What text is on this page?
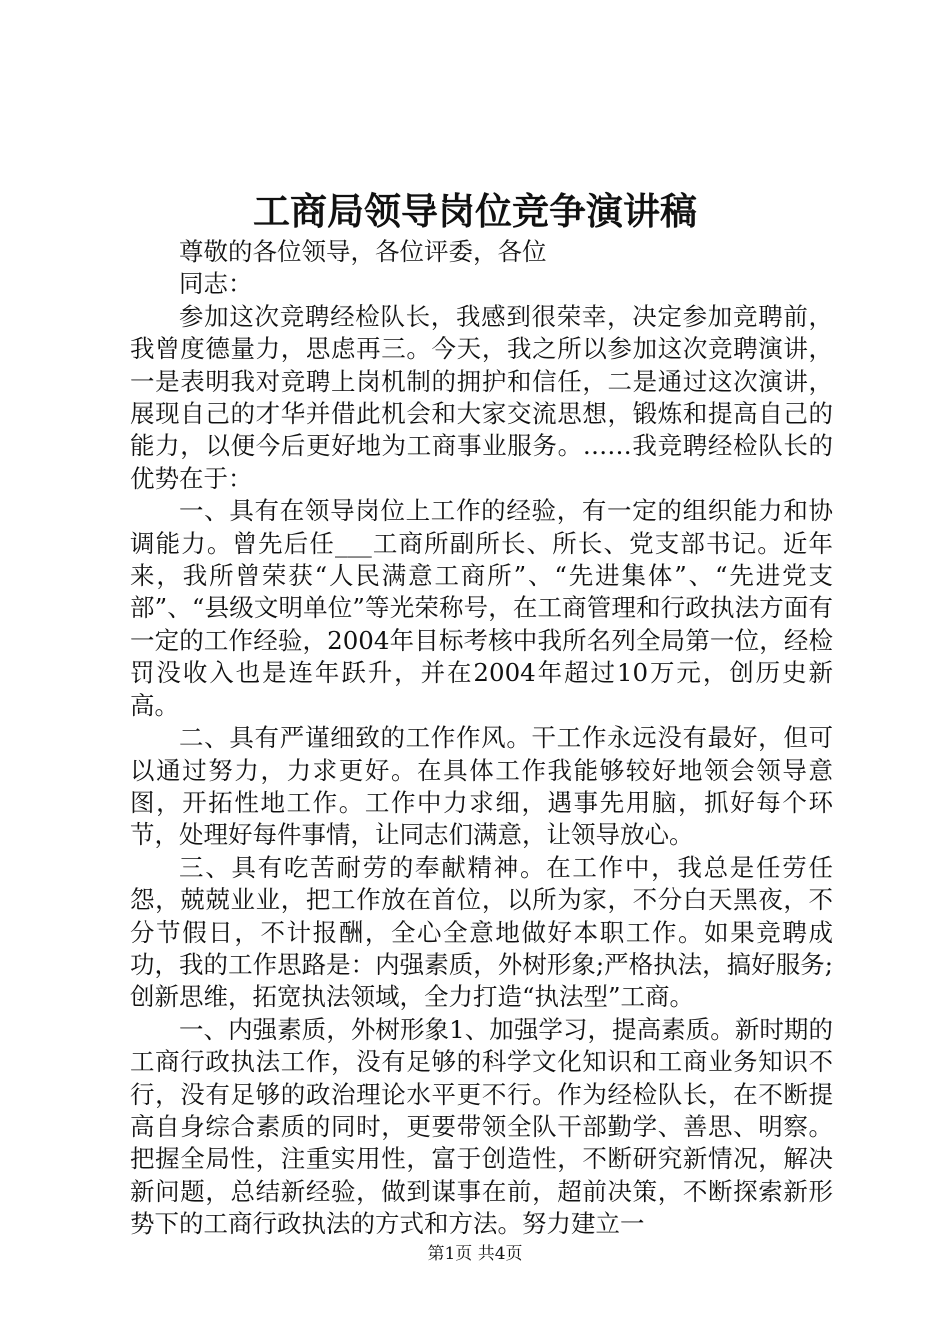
工商局领导岗位竞争演讲稿

尊敬的各位领导，各位评委，各位

同志：

参加这次竞聘经检队长，我感到很荣幸，决定参加竞聘前，我曾度德量力，思虑再三。今天，我之所以参加这次竞聘演讲，一是表明我对竞聘上岗机制的拥护和信任，二是通过这次演讲，展现自己的才华并借此机会和大家交流思想，锻炼和提高自己的能力，以便今后更好地为工商事业服务。……我竞聘经检队长的优势在于：

一、具有在领导岗位上工作的经验，有一定的组织能力和协调能力。曾先后任___工商所副所长、所长、党支部书记。近年来，我所曾荣获“人民满意工商所”、“先进集体”、“先进党支部”、“县级文明单位”等光荣称号，在工商管理和行政执法方面有一定的工作经验，2004年目标考核中我所名列全局第一位，经检罚没收入也是连年跃升，并在2004年超过10万元，创历史新高。

二、具有严谨细致的工作作风。干工作永远没有最好，但可以通过努力，力求更好。在具体工作我能够较好地领会领导意图，开拓性地工作。工作中力求细，遇事先用脑，抓好每个环节，处理好每件事情，让同志们满意，让领导放心。

三、具有吃苦耐劳的奉献精神。在工作中，我总是任劳任怨，兢兢业业，把工作放在首位，以所为家，不分白天黑夜，不分节假日，不计报酬，全心全意地做好本职工作。如果竞聘成功，我的工作思路是：内强素质，外树形象;严格执法，搞好服务;创新思维，拓宽执法领域，全力打造“执法型”工商。

一、内强素质，外树形象1、加强学习，提高素质。新时期的工商行政执法工作，没有足够的科学文化知识和工商业务知识不行，没有足够的政治理论水平更不行。作为经检队长，在不断提高自身综合素质的同时，更要带领全队干部勤学、善思、明察。把握全局性，注重实用性，富于创造性，不断研究新情况，解决新问题，总结新经验，做到谋事在前，超前决策，不断探索新形势下的工商行政执法的方式和方法。努力建立一

第1页 共4页
